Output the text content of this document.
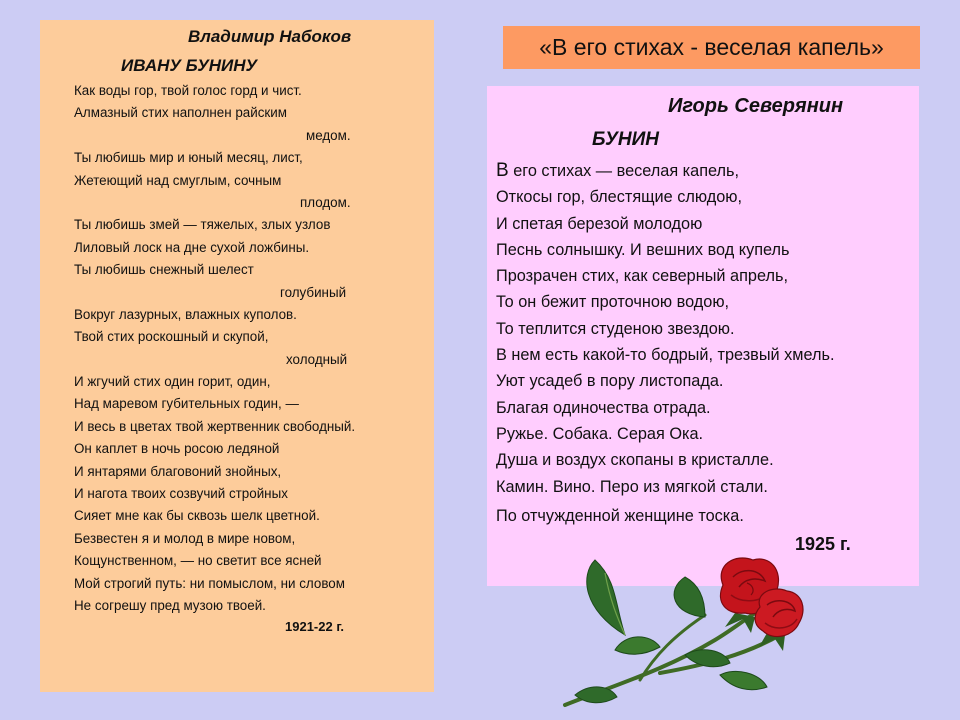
«В его стихах - веселая капель»
Владимир Набоков
ИВАНУ БУНИНУ
Как воды гор, твой голос горд и чист.
Алмазный стих наполнен райским
медом.
Ты любишь мир и юный месяц, лист,
Жетеющий над смуглым, сочным
плодом.
Ты любишь змей — тяжелых, злых узлов
Лиловый лоск на дне сухой ложбины.
Ты любишь снежный шелест
голубиный
Вокруг лазурных, влажных куполов.
Твой стих роскошный и скупой,
холодный
И жгучий стих один горит, один,
Над маревом губительных годин, —
И весь в цветах твой жертвенник свободный.
Он каплет в ночь росою ледяной
И янтарями благовоний знойных,
И нагота твоих созвучий стройных
Сияет мне как бы сквозь шелк цветной.
Безвестен я и молод в мире новом,
Кощунственном, — но светит все ясней
Мой строгий путь: ни помыслом, ни словом
Не согрешу пред музою твоей.
1921-22 г.
Игорь Северянин
БУНИН
В его стихах — веселая капель,
Откосы гор, блестящие слюдою,
И спетая березой молодою
Песнь солнышку. И вешних вод купель
Прозрачен стих, как северный апрель,
То он бежит проточною водою,
То теплится студеною звездою.
В нем есть какой-то бодрый, трезвый хмель.
Уют усадеб в пору листопада.
Благая одиночества отрада.
Ружье. Собака. Серая Ока.
Душа и воздух скопаны в кристалле.
Камин. Вино. Перо из мягкой стали.
По отчужденной женщине тоска.
1925 г.
